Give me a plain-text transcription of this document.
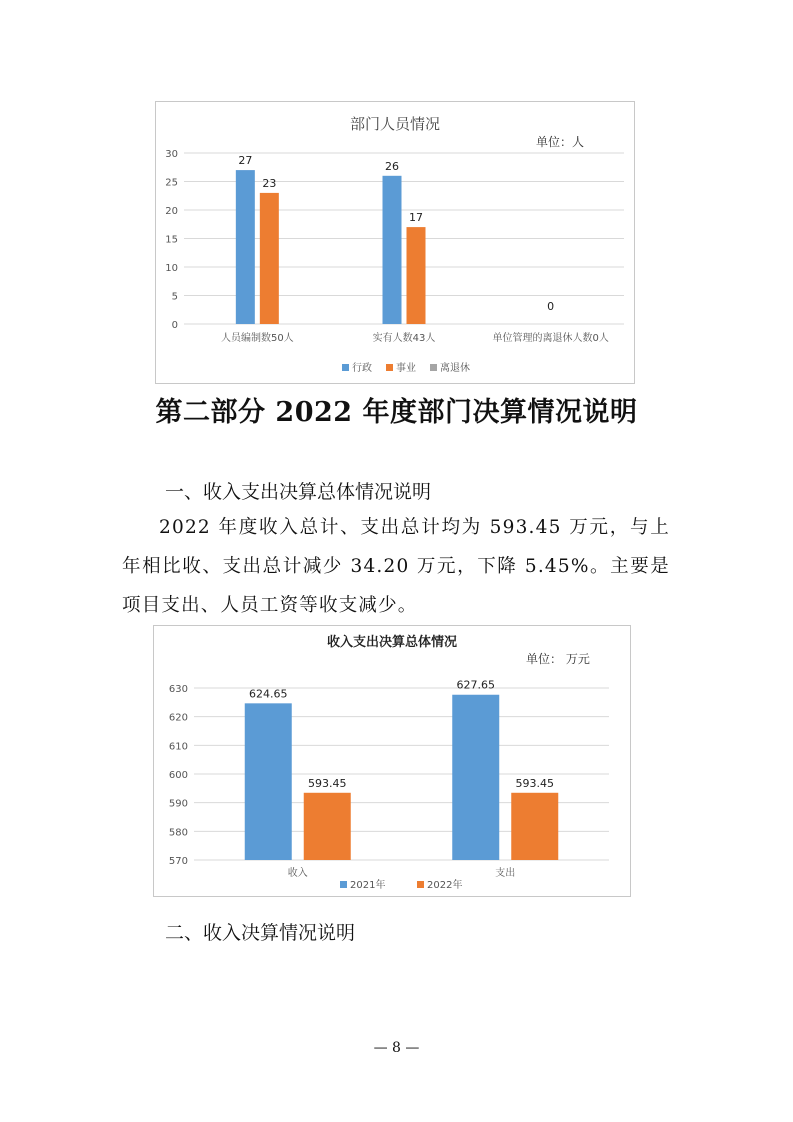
部门人员情况
单位：人
0
5
10
15
20
25
30
人员编制数50人
27
23
实有人数43人
26
17
单位管理的离退休人数0人
0
行政 事业 离退休
第二部分 2022 年度部门决算情况说明
一、收入支出决算总体情况说明
2022 年度收入总计、支出总计均为 593.45 万元，与上年相比收、支出总计减少 34.20 万元，下降 5.45%。主要是项目支出、人员工资等收支减少。
收入支出决算总体情况
单位： 万元
570
580
590
600
610
620
630
收入
624.65
593.45
支出
627.65
593.45
2021年	2022年
二、收入决算情况说明
— 8 —
